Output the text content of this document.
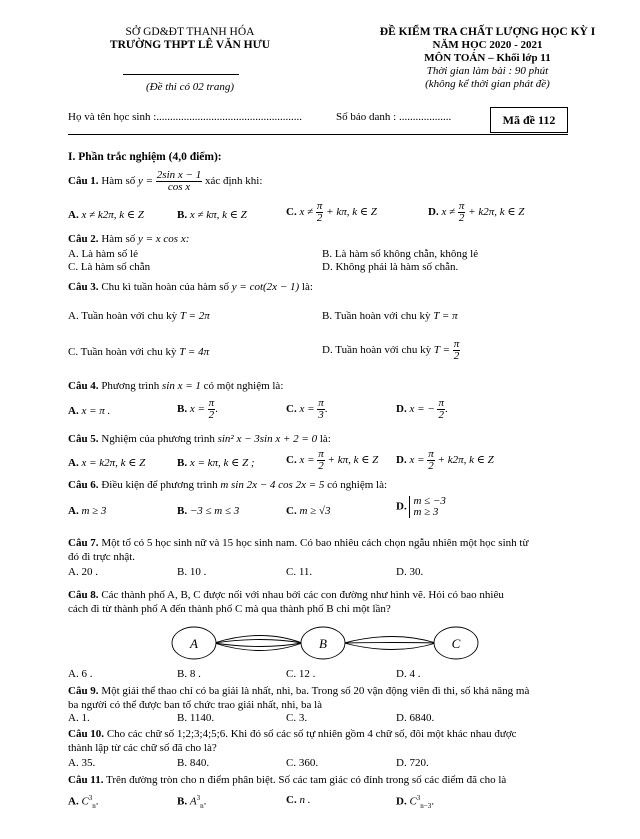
SỞ GD&ĐT THANH HÓA
TRƯỜNG THPT LÊ VĂN HƯU
(Đề thi có 02 trang)
ĐỀ KIỂM TRA CHẤT LƯỢNG HỌC KỲ I
NĂM HỌC 2020 - 2021
MÔN TOÁN – Khối lớp 11
Thời gian làm bài : 90 phút
(không kể thời gian phát đề)
Họ và tên học sinh :.....................................................	Số báo danh : ...................	Mã đề 112
I. Phần trắc nghiệm (4,0 điểm):
Câu 1. Hàm số $y = \frac{\text{2sin x − 1}}{\text{cos x}}$ xác định khi:
A. x ≠ k2π, k ∈ Z	B. x ≠ kπ, k ∈ Z	C. $x \ne \frac{\pi}{2} + k\pi$, k ∈ Z	D. $x \ne \frac{\pi}{2} + k2\pi$, k ∈ Z
Câu 2. Hàm số y = x cos x:
A. Là hàm số lẻ	B. Là hàm số không chẵn, không lẻ
C. Là hàm số chẵn	D. Không phải là hàm số chẵn.
Câu 3. Chu kì tuần hoàn của hàm số y = cot(2x − 1) là:
A. Tuần hoàn với chu kỳ T = 2π	B. Tuần hoàn với chu kỳ T = π
C. Tuần hoàn với chu kỳ T = 4π	D. Tuần hoàn với chu kỳ $T = \frac{\pi}{2}$
Câu 4. Phương trình sin x = 1 có một nghiệm là:
A. x = π .	B. $x = \frac{\pi}{2}$ .	C. $x = \frac{\pi}{3}$ .	D. x = − $\frac{\pi}{2}$ .
Câu 5. Nghiệm của phương trình sin² x − 3sin x + 2 = 0 là:
A. x = k2π, k ∈ Z	B. x = kπ, k ∈ Z ;	C. $x = \frac{\pi}{2} + k\pi$, k ∈ Z D. $x = \frac{\pi}{2} + k2\pi$, k ∈ Z
Câu 6. Điều kiện để phương trình m sin 2x − 4 cos 2x = 5 có nghiệm là:
A. m ≥ 3	B. −3 ≤ m ≤ 3	C. m ≥ √3	D. m ≤ −3
m ≥ 3
Câu 7. Một tổ có 5 học sinh nữ và 15 học sinh nam. Có bao nhiêu cách chọn ngẫu nhiên một học sinh từ
đó đi trực nhật.
A. 20 .	B. 10 .	C. 11.	D. 30.
Câu 8. Các thành phố A, B, C được nối với nhau bởi các con đường như hình vẽ. Hỏi có bao nhiêu
cách đi từ thành phố A đến thành phố C mà qua thành phố B chỉ một lần?
A	B	C
A. 6 .	B. 8 .	C. 12 .	D. 4 .
Câu 9. Một giải thể thao chỉ có ba giải là nhất, nhì, ba. Trong số 20 vận động viên đi thi, số khả năng mà
ba người có thể được ban tổ chức trao giải nhất, nhì, ba là
A. 1.	B. 1140.	C. 3.	D. 6840.
Câu 10. Cho các chữ số 1;2;3;4;5;6. Khi đó số các số tự nhiên gồm 4 chữ số, đôi một khác nhau được
thành lập từ các chữ số đã cho là?
A. 35.	B. 840.	C. 360.	D. 720.
Câu 11. Trên đường tròn cho n điểm phân biệt. Số các tam giác có đỉnh trong số các điểm đã cho là
A. $C^3_n$.	B. $A^3_n$.	C. n .	D. $C^3_{n-3}$.
